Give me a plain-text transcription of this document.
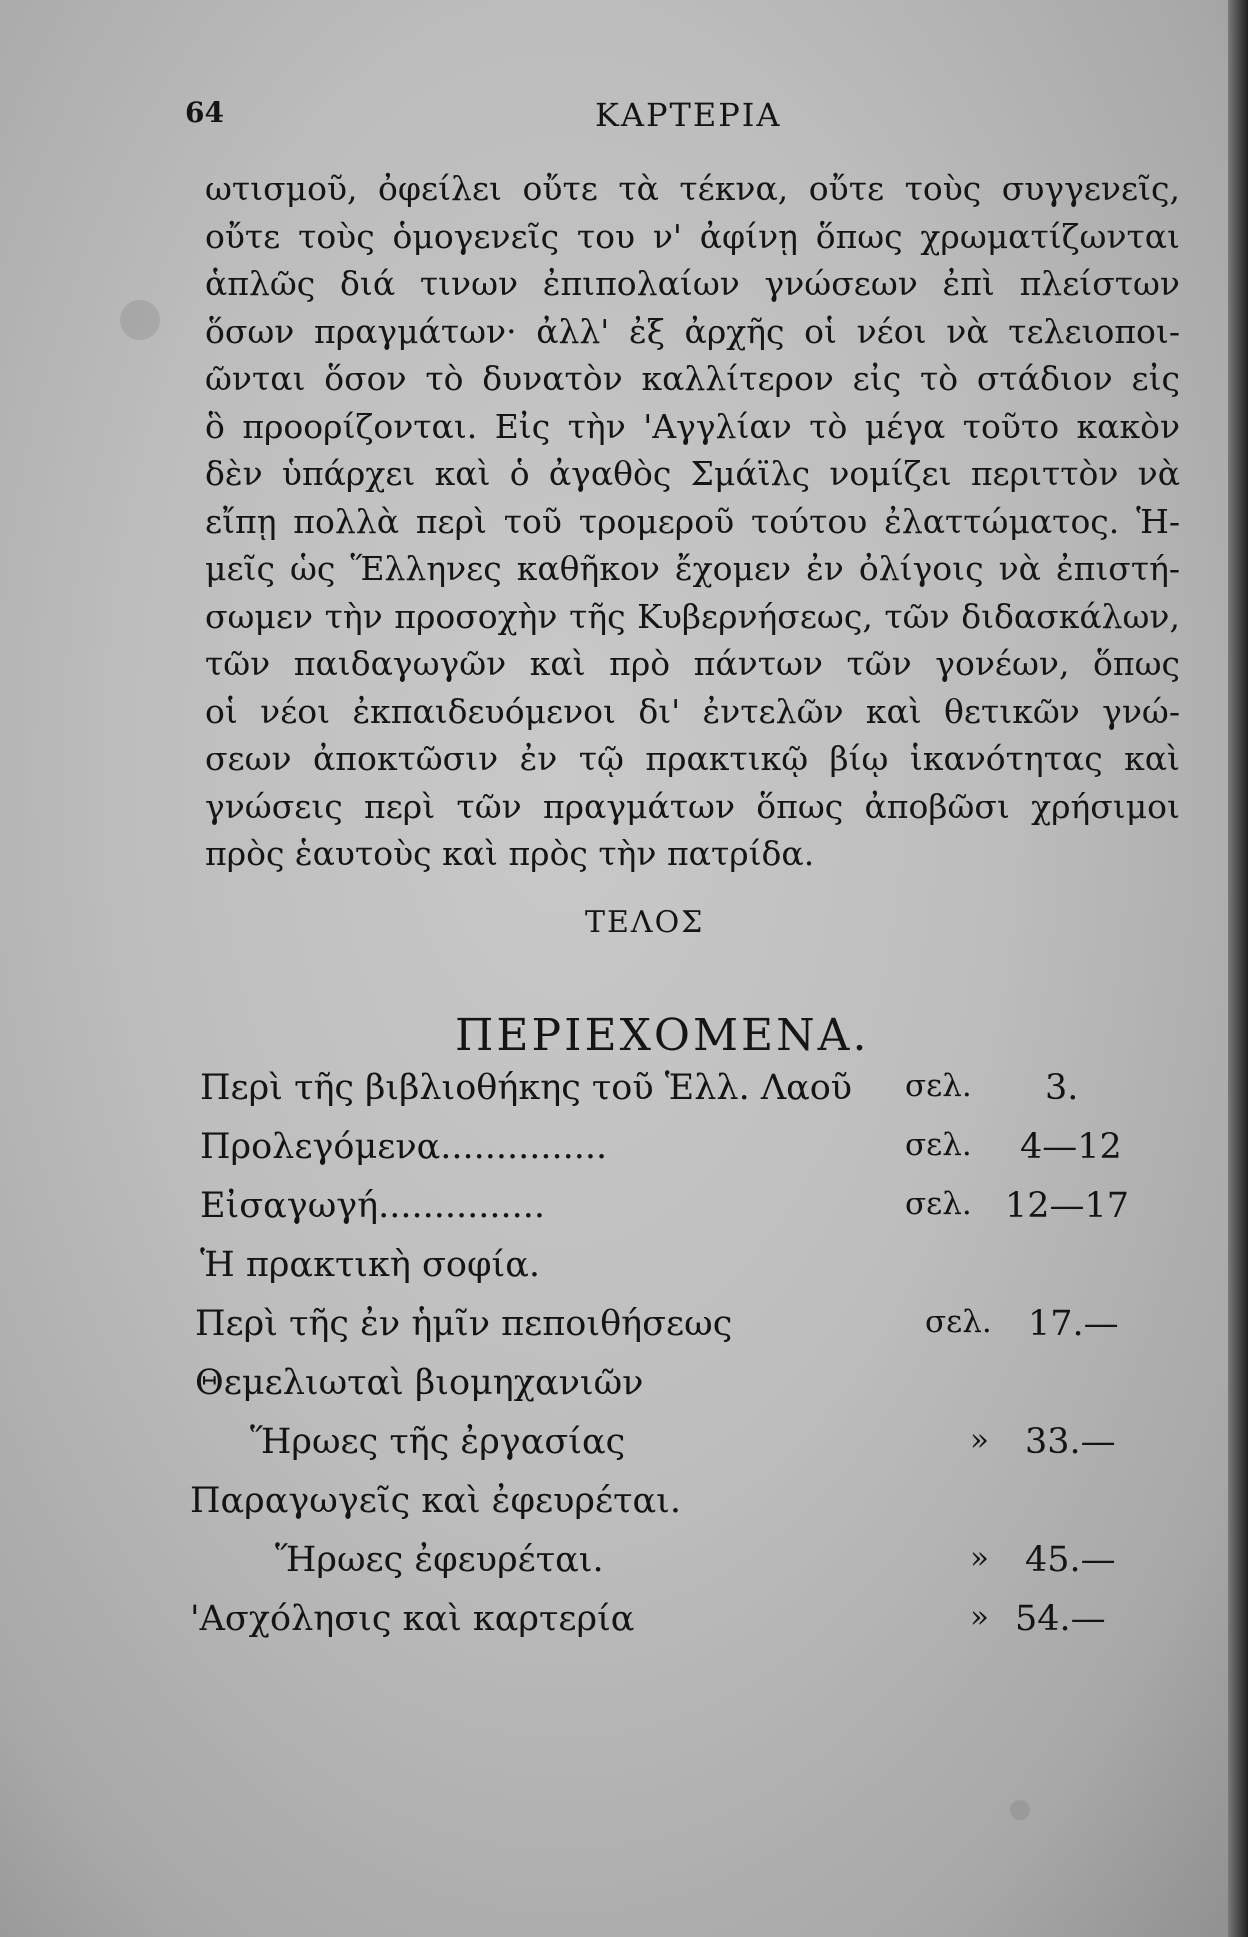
64	ΚΑΡΤΕΡΙΑ
ωτισμοῦ, ὀφείλει οὔτε τὰ τέκνα, οὔτε τοὺς συγγενεῖς,
οὔτε τοὺς ὁμογενεῖς του ν' ἀφίνῃ ὅπως χρωματίζωνται
ἁπλῶς διά τινων ἐπιπολαίων γνώσεων ἐπὶ πλείστων
ὅσων πραγμάτων· ἀλλ' ἐξ ἀρχῆς οἱ νέοι νὰ τελειοποι-
ῶνται ὅσον τὸ δυνατὸν καλλίτερον εἰς τὸ στάδιον εἰς
ὃ προορίζονται. Εἰς τὴν 'Αγγλίαν τὸ μέγα τοῦτο κακὸν
δὲν ὑπάρχει καὶ ὁ ἀγαθὸς Σμάϊλς νομίζει περιττὸν νὰ
εἴπῃ πολλὰ περὶ τοῦ τρομεροῦ τούτου ἐλαττώματος. Ἡ-
μεῖς ὡς Ἕλληνες καθῆκον ἔχομεν ἐν ὀλίγοις νὰ ἐπιστή-
σωμεν τὴν προσοχὴν τῆς Κυβερνήσεως, τῶν διδασκάλων,
τῶν παιδαγωγῶν καὶ πρὸ πάντων τῶν γονέων, ὅπως
οἱ νέοι ἐκπαιδευόμενοι δι' ἐντελῶν καὶ θετικῶν γνώ-
σεων ἀποκτῶσιν ἐν τῷ πρακτικῷ βίῳ ἱκανότητας καὶ
γνώσεις περὶ τῶν πραγμάτων ὅπως ἀποβῶσι χρήσιμοι
πρὸς ἑαυτοὺς καὶ πρὸς τὴν πατρίδα.
ΤΕΛΟΣ
ΠΕΡΙΕΧΟΜΕΝΑ.
Περὶ τῆς βιβλιοθήκης τοῦ Ἑλλ. Λαοῦ σελ. 3.
Προλεγόμενα...............	σελ. 4—12
Εἰσαγωγή...............	σελ. 12—17
Ἡ πρακτικὴ σοφία.
Περὶ τῆς ἐν ἡμῖν πεποιθήσεως	σελ. 17.—
Θεμελιωταὶ βιομηχανιῶν
Ἥρωες τῆς ἐργασίας	» 33.—
Παραγωγεῖς καὶ ἐφευρέται.
Ἥρωες ἐφευρέται.	» 45.—
'Ασχόλησις καὶ καρτερία	» 54.—
